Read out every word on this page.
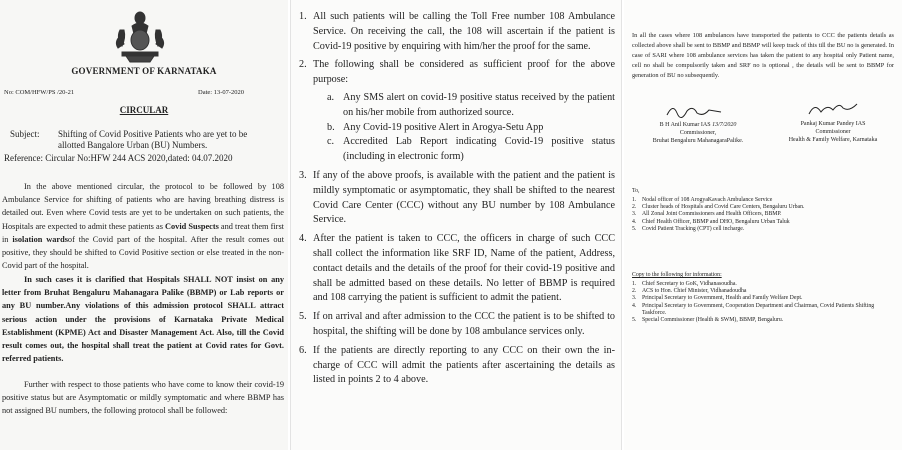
GOVERNMENT OF KARNATAKA
No: COM/HFW/PS /20-21	Date: 13-07-2020
CIRCULAR
Subject: Shifting of Covid Positive Patients who are yet to be allotted Bangalore Urban (BU) Numbers.
Reference: Circular No:HFW 244 ACS 2020,dated: 04.07.2020
In the above mentioned circular, the protocol to be followed by 108 Ambulance Service for shifting of patients who are having breathing distress is detailed out. Even where Covid tests are yet to be undertaken on such patients, the Hospitals are expected to admit these patients as Covid Suspects and treat them first in isolation wardsof the Covid part of the hospital. After the result comes out positive, they should be shifted to Covid Positive section or else treated in the non-Covid part of the hospital.
In such cases it is clarified that Hospitals SHALL NOT insist on any letter from Bruhat Bengaluru Mahanagara Palike (BBMP) or Lab reports or any BU number.Any violations of this admission protocol SHALL attract serious action under the provisions of Karnataka Private Medical Establishment (KPME) Act and Disaster Management Act. Also, till the Covid result comes out, the hospital shall treat the patient at Covid rates for Govt. referred patients.
Further with respect to those patients who have come to know their covid-19 positive status but are Asymptomatic or mildly symptomatic and where BBMP has not assigned BU numbers, the following protocol shall be followed:
1. All such patients will be calling the Toll Free number 108 Ambulance Service. On receiving the call, the 108 will ascertain if the patient is Covid-19 positive by enquiring with him/her the proof for the same.
2. The following shall be considered as sufficient proof for the above purpose:
a. Any SMS alert on covid-19 positive status received by the patient on his/her mobile from authorized source.
b. Any Covid-19 positive Alert in Arogya-Setu App
c. Accredited Lab Report indicating Covid-19 positive status (including in electronic form)
3. If any of the above proofs, is available with the patient and the patient is mildly symptomatic or asymptomatic, they shall be shifted to the nearest Covid Care Center (CCC) without any BU number by 108 Ambulance Service.
4. After the patient is taken to CCC, the officers in charge of such CCC shall collect the information like SRF ID, Name of the patient, Address, contact details and the details of the proof for their covid-19 positive and shall be admitted based on these details. No letter of BBMP is required and 108 carrying the patient is sufficient to admit the patient.
5. If on arrival and after admission to the CCC the patient is to be shifted to hospital, the shifting will be done by 108 ambulance services only.
6. If the patients are directly reporting to any CCC on their own the in-charge of CCC will admit the patients after ascertaining the details as listed in points 2 to 4 above.
In all the cases where 108 ambulances have transported the patients to CCC the patients details as collected above shall be sent to BBMP and BBMP will keep track of this till the BU no is generated. In case of SARI where 108 ambulance services has taken the patient to any hospital only Patient name, cell no shall be compulsorily taken and SRF no is optional , the details will be sent to BBMP for generation of BU no subsequently.
B H Anil Kumar IAS 13/7/2020
Commissioner,
Bruhat Bengaluru MahanagaraPalike.
Pankaj Kumar Pandey IAS
Commissioner
Health & Family Welfare, Karnataka
To,
1. Nodal officer of 108 ArogyaKavach Ambulance Service
2. Cluster heads of Hospitals and Covid Care Centers, Bengaluru Urban.
3. All Zonal Joint Commissioners and Health Officers, BBMP.
4. Chief Health Officer, BBMP and DHO, Bengaluru Urban Taluk
5. Covid Patient Tracking (CPT) cell incharge.
Copy to the following for information:
1. Chief Secretary to GoK, Vidhanasoudha.
2. ACS to Hon. Chief Minister, Vidhanadoudha
3. Principal Secretary to Government, Health and Family Welfare Dept.
4. Principal Secretary to Government, Cooperation Department and Chairman, Covid Patients Shifting Taskforce.
5. Special Commissioner (Health & SWM), BBMP, Bengaluru.
